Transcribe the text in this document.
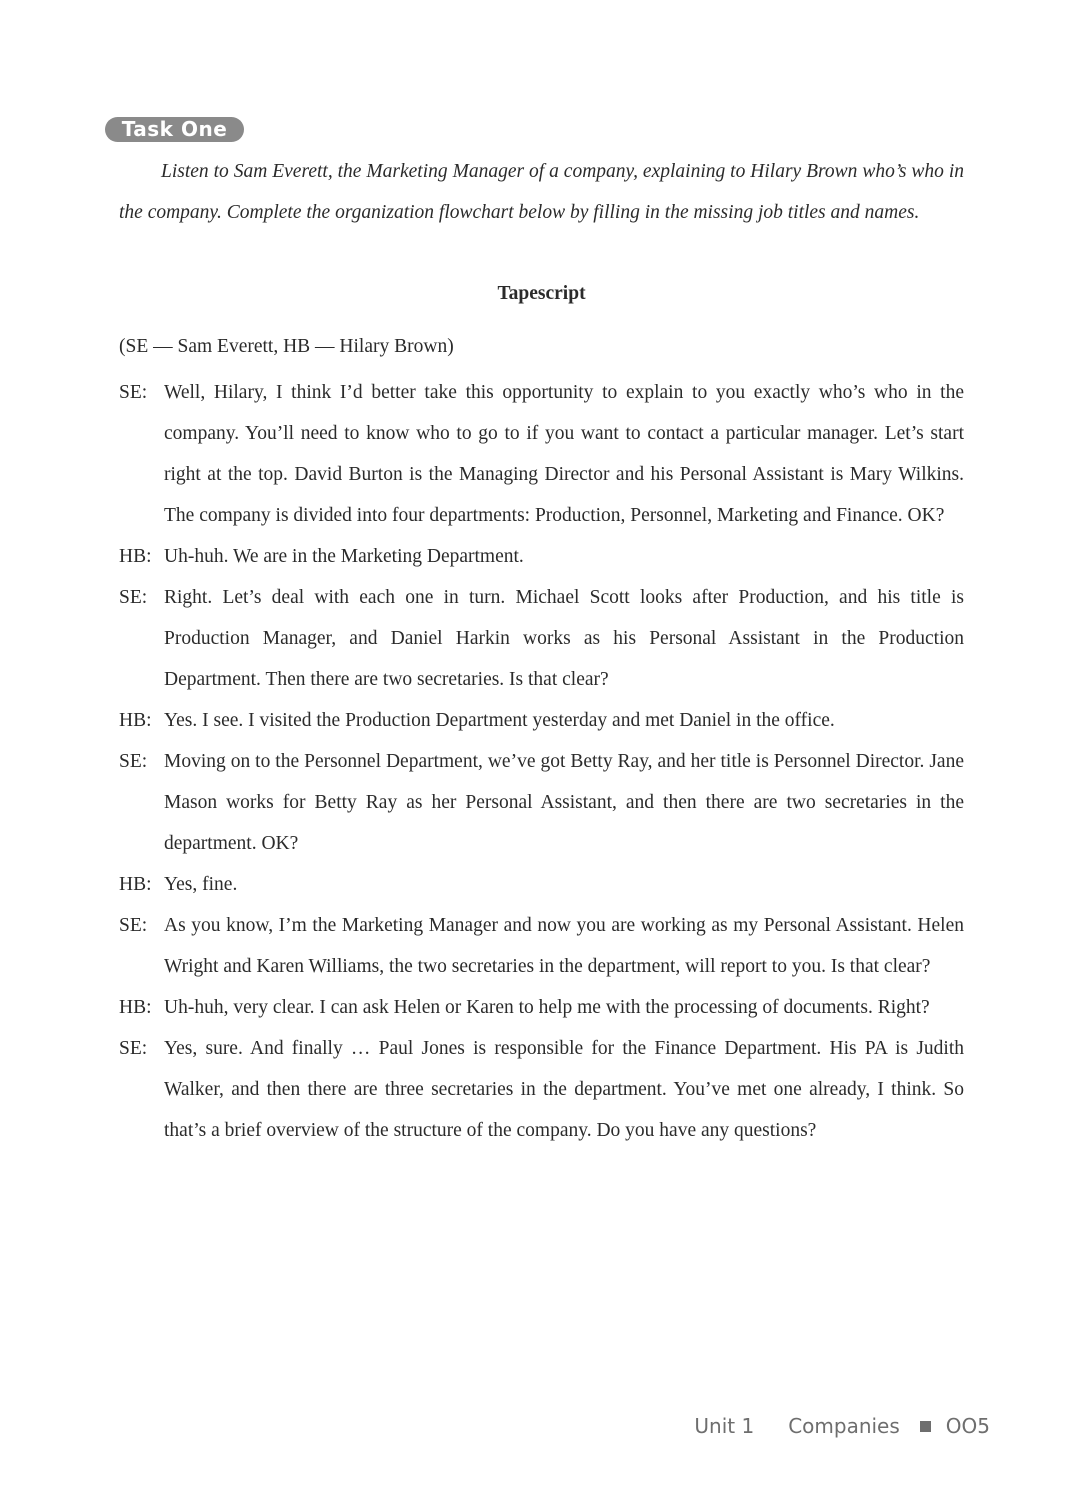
Task One

Listen to Sam Everett, the Marketing Manager of a company, explaining to Hilary Brown who’s who in the company. Complete the organization flowchart below by filling in the missing job titles and names.

Tapescript

(SE — Sam Everett, HB — Hilary Brown)

SE: Well, Hilary, I think I’d better take this opportunity to explain to you exactly who’s who in the company. You’ll need to know who to go to if you want to contact a particular manager. Let’s start right at the top. David Burton is the Managing Director and his Personal Assistant is Mary Wilkins. The company is divided into four departments: Production, Personnel, Marketing and Finance. OK?
HB: Uh-huh. We are in the Marketing Department.
SE: Right. Let’s deal with each one in turn. Michael Scott looks after Production, and his title is Production Manager, and Daniel Harkin works as his Personal Assistant in the Production Department. Then there are two secretaries. Is that clear?
HB: Yes. I see. I visited the Production Department yesterday and met Daniel in the office.
SE: Moving on to the Personnel Department, we’ve got Betty Ray, and her title is Personnel Director. Jane Mason works for Betty Ray as her Personal Assistant, and then there are two secretaries in the department. OK?
HB: Yes, fine.
SE: As you know, I’m the Marketing Manager and now you are working as my Personal Assistant. Helen Wright and Karen Williams, the two secretaries in the department, will report to you. Is that clear?
HB: Uh-huh, very clear. I can ask Helen or Karen to help me with the processing of documents. Right?
SE: Yes, sure. And finally … Paul Jones is responsible for the Finance Department. His PA is Judith Walker, and then there are three secretaries in the department. You’ve met one already, I think. So that’s a brief overview of the structure of the company. Do you have any questions?
Unit 1 Companies OO5
